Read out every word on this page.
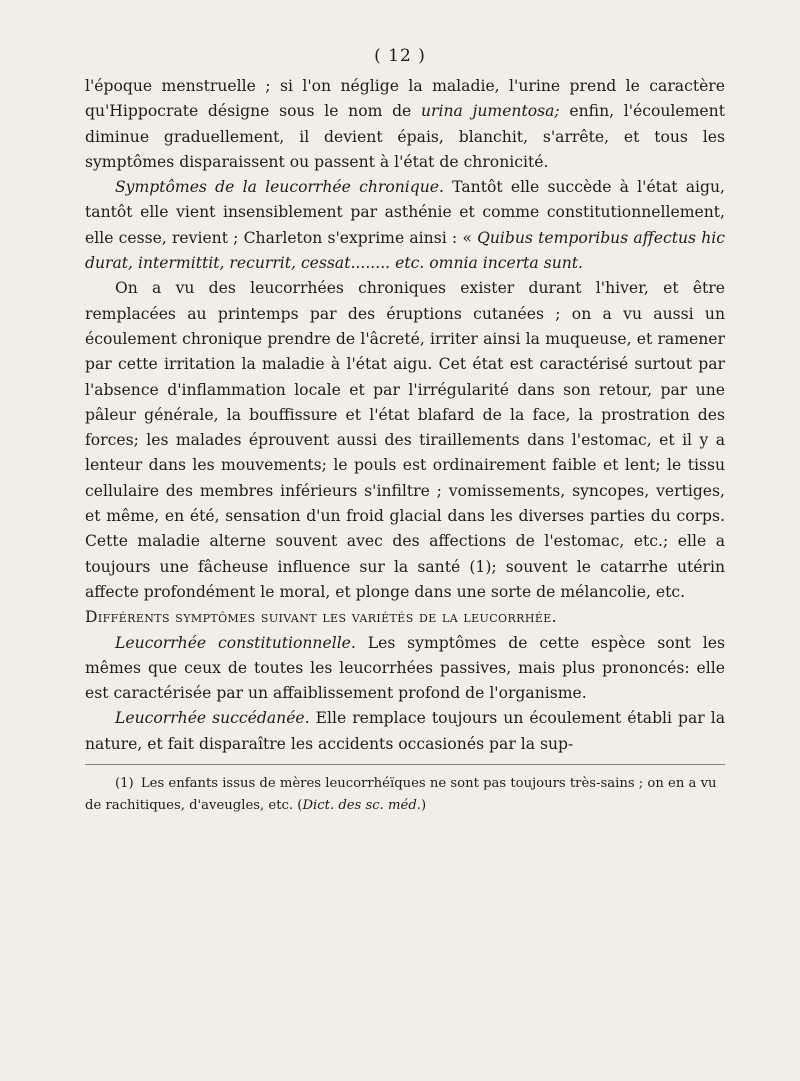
( 12 )

l'époque menstruelle ; si l'on néglige la maladie, l'urine prend le caractère qu'Hippocrate désigne sous le nom de urina jumentosa; enfin, l'écoulement diminue graduellement, il devient épais, blanchit, s'arrête, et tous les symptômes disparaissent ou passent à l'état de chronicité.

Symptômes de la leucorrhée chronique. Tantôt elle succède à l'état aigu, tantôt elle vient insensiblement par asthénie et comme constitutionnellement, elle cesse, revient ; Charleton s'exprime ainsi : « Quibus temporibus affectus hic durat, intermittit, recurrit, cessat........ etc. omnia incerta sunt.

On a vu des leucorrhées chroniques exister durant l'hiver, et être remplacées au printemps par des éruptions cutanées ; on a vu aussi un écoulement chronique prendre de l'âcreté, irriter ainsi la muqueuse, et ramener par cette irritation la maladie à l'état aigu. Cet état est caractérisé surtout par l'absence d'inflammation locale et par l'irrégularité dans son retour, par une pâleur générale, la bouffissure et l'état blafard de la face, la prostration des forces; les malades éprouvent aussi des tiraillements dans l'estomac, et il y a lenteur dans les mouvements; le pouls est ordinairement faible et lent; le tissu cellulaire des membres inférieurs s'infiltre ; vomissements, syncopes, vertiges, et même, en été, sensation d'un froid glacial dans les diverses parties du corps. Cette maladie alterne souvent avec des affections de l'estomac, etc.; elle a toujours une fâcheuse influence sur la santé (1); souvent le catarrhe utérin affecte profondément le moral, et plonge dans une sorte de mélancolie, etc.

Différents symptômes suivant les variétés de la leucorrhée.

Leucorrhée constitutionnelle. Les symptômes de cette espèce sont les mêmes que ceux de toutes les leucorrhées passives, mais plus prononcés: elle est caractérisée par un affaiblissement profond de l'organisme.

Leucorrhée succédanée. Elle remplace toujours un écoulement établi par la nature, et fait disparaître les accidents occasionés par la sup-

(1) Les enfants issus de mères leucorrhéïques ne sont pas toujours très-sains ; on en a vu de rachitiques, d'aveugles, etc. (Dict. des sc. méd.)
